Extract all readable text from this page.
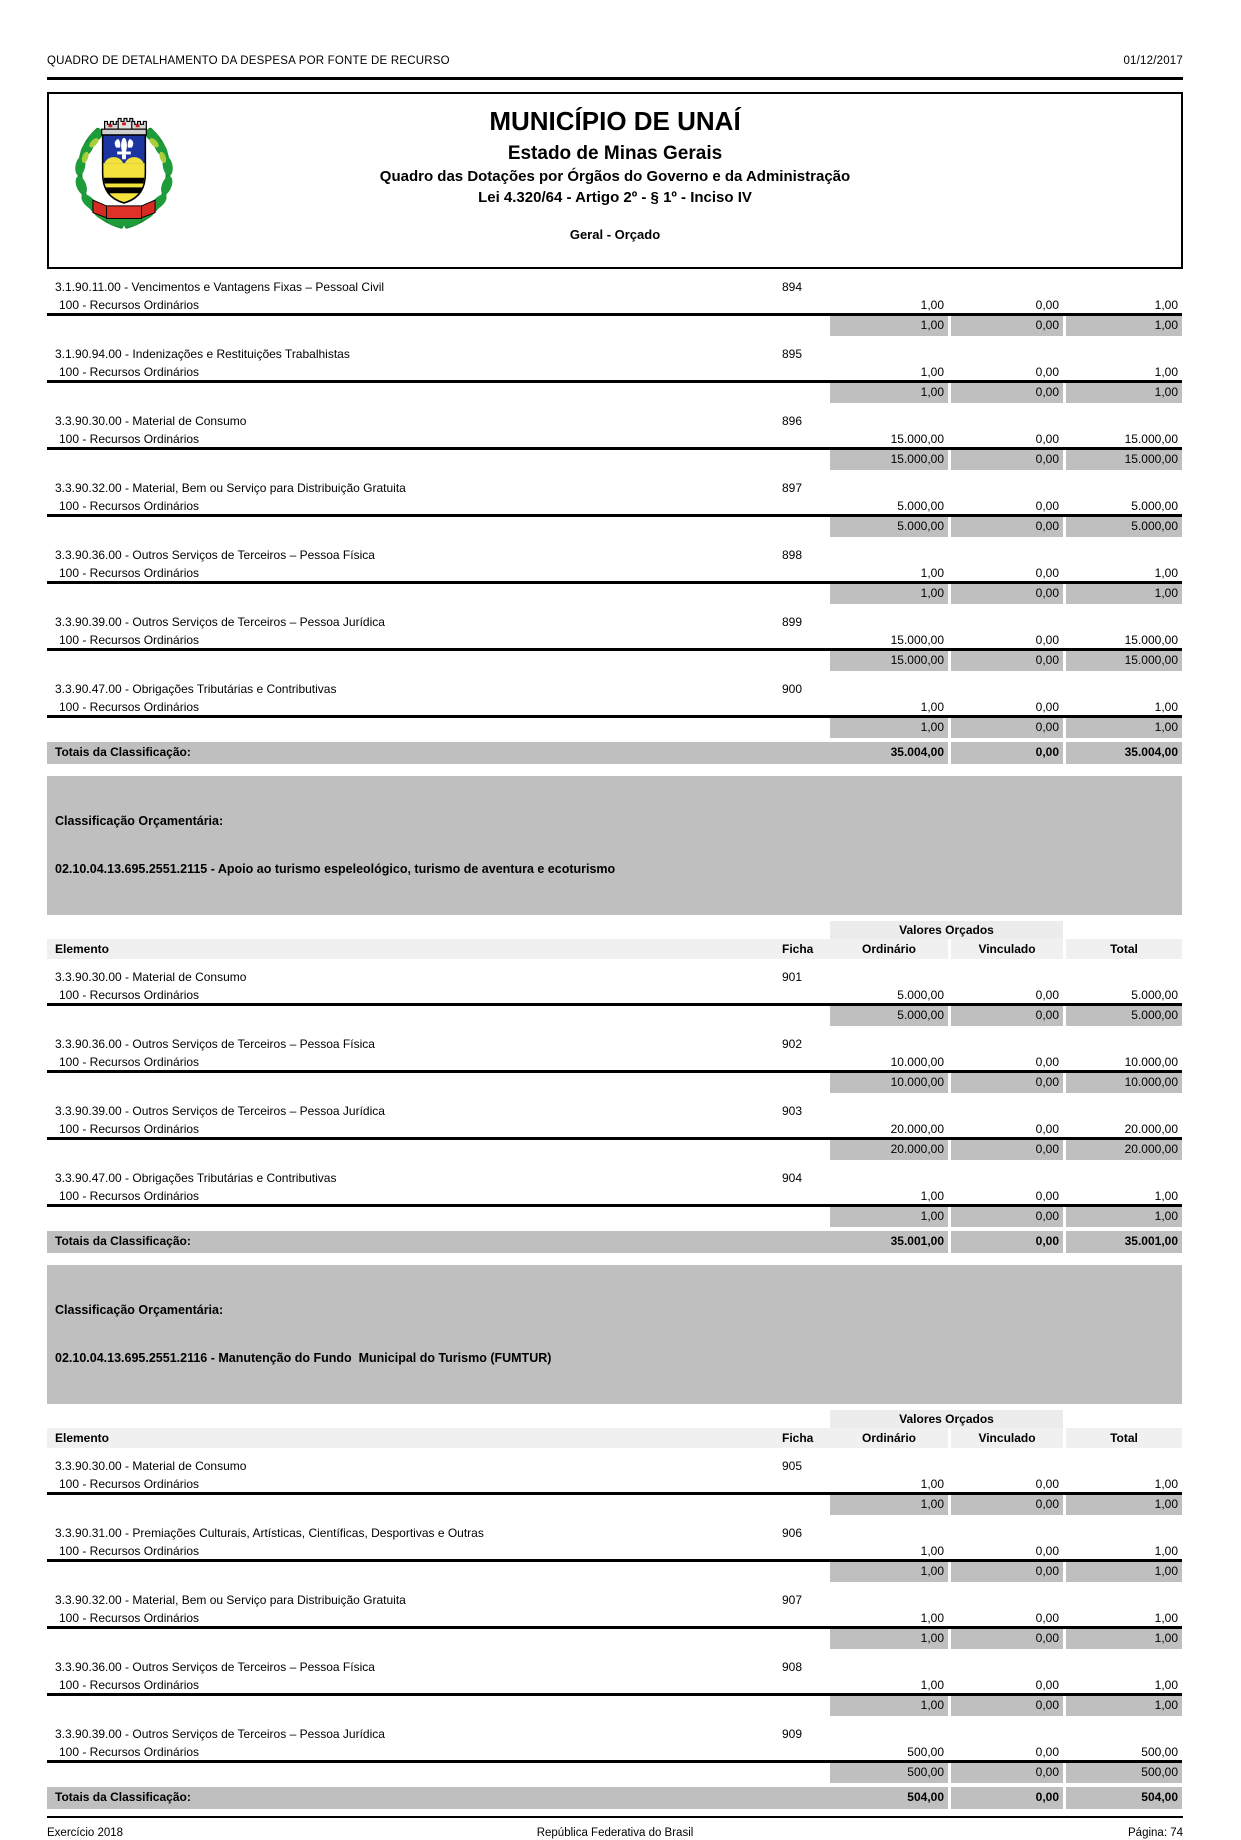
QUADRO DE DETALHAMENTO DA DESPESA POR FONTE DE RECURSO	01/12/2017
MUNICÍPIO DE UNAÍ
Estado de Minas Gerais
Quadro das Dotações por Órgãos do Governo e da Administração
Lei 4.320/64 - Artigo 2º - § 1º - Inciso IV
Geral - Orçado
3.1.90.11.00 - Vencimentos e Vantagens Fixas – Pessoal Civil	894
100 - Recursos Ordinários	1,00	0,00	1,00
1,00	0,00	1,00
3.1.90.94.00 - Indenizações e Restituições Trabalhistas	895
100 - Recursos Ordinários	1,00	0,00	1,00
1,00	0,00	1,00
3.3.90.30.00 - Material de Consumo	896
100 - Recursos Ordinários	15.000,00	0,00	15.000,00
15.000,00	0,00	15.000,00
3.3.90.32.00 - Material, Bem ou Serviço para Distribuição Gratuita	897
100 - Recursos Ordinários	5.000,00	0,00	5.000,00
5.000,00	0,00	5.000,00
3.3.90.36.00 - Outros Serviços de Terceiros – Pessoa Física	898
100 - Recursos Ordinários	1,00	0,00	1,00
1,00	0,00	1,00
3.3.90.39.00 - Outros Serviços de Terceiros – Pessoa Jurídica	899
100 - Recursos Ordinários	15.000,00	0,00	15.000,00
15.000,00	0,00	15.000,00
3.3.90.47.00 - Obrigações Tributárias e Contributivas	900
100 - Recursos Ordinários	1,00	0,00	1,00
1,00	0,00	1,00
Totais da Classificação:	35.004,00	0,00	35.004,00

Classificação Orçamentária:

02.10.04.13.695.2551.2115 - Apoio ao turismo espeleológico, turismo de aventura e ecoturismo

Valores Orçados
Elemento	Ficha	Ordinário	Vinculado	Total
3.3.90.30.00 - Material de Consumo	901
100 - Recursos Ordinários	5.000,00	0,00	5.000,00
5.000,00	0,00	5.000,00
3.3.90.36.00 - Outros Serviços de Terceiros – Pessoa Física	902
100 - Recursos Ordinários	10.000,00	0,00	10.000,00
10.000,00	0,00	10.000,00
3.3.90.39.00 - Outros Serviços de Terceiros – Pessoa Jurídica	903
100 - Recursos Ordinários	20.000,00	0,00	20.000,00
20.000,00	0,00	20.000,00
3.3.90.47.00 - Obrigações Tributárias e Contributivas	904
100 - Recursos Ordinários	1,00	0,00	1,00
1,00	0,00	1,00
Totais da Classificação:	35.001,00	0,00	35.001,00

Classificação Orçamentária:

02.10.04.13.695.2551.2116 - Manutenção do Fundo  Municipal do Turismo (FUMTUR)

Valores Orçados
Elemento	Ficha	Ordinário	Vinculado	Total
3.3.90.30.00 - Material de Consumo	905
100 - Recursos Ordinários	1,00	0,00	1,00
1,00	0,00	1,00
3.3.90.31.00 - Premiações Culturais, Artísticas, Científicas, Desportivas e Outras	906
100 - Recursos Ordinários	1,00	0,00	1,00
1,00	0,00	1,00
3.3.90.32.00 - Material, Bem ou Serviço para Distribuição Gratuita	907
100 - Recursos Ordinários	1,00	0,00	1,00
1,00	0,00	1,00
3.3.90.36.00 - Outros Serviços de Terceiros – Pessoa Física	908
100 - Recursos Ordinários	1,00	0,00	1,00
1,00	0,00	1,00
3.3.90.39.00 - Outros Serviços de Terceiros – Pessoa Jurídica	909
100 - Recursos Ordinários	500,00	0,00	500,00
500,00	0,00	500,00
Totais da Classificação:	504,00	0,00	504,00
Exercício 2018	República Federativa do Brasil	Página: 74
